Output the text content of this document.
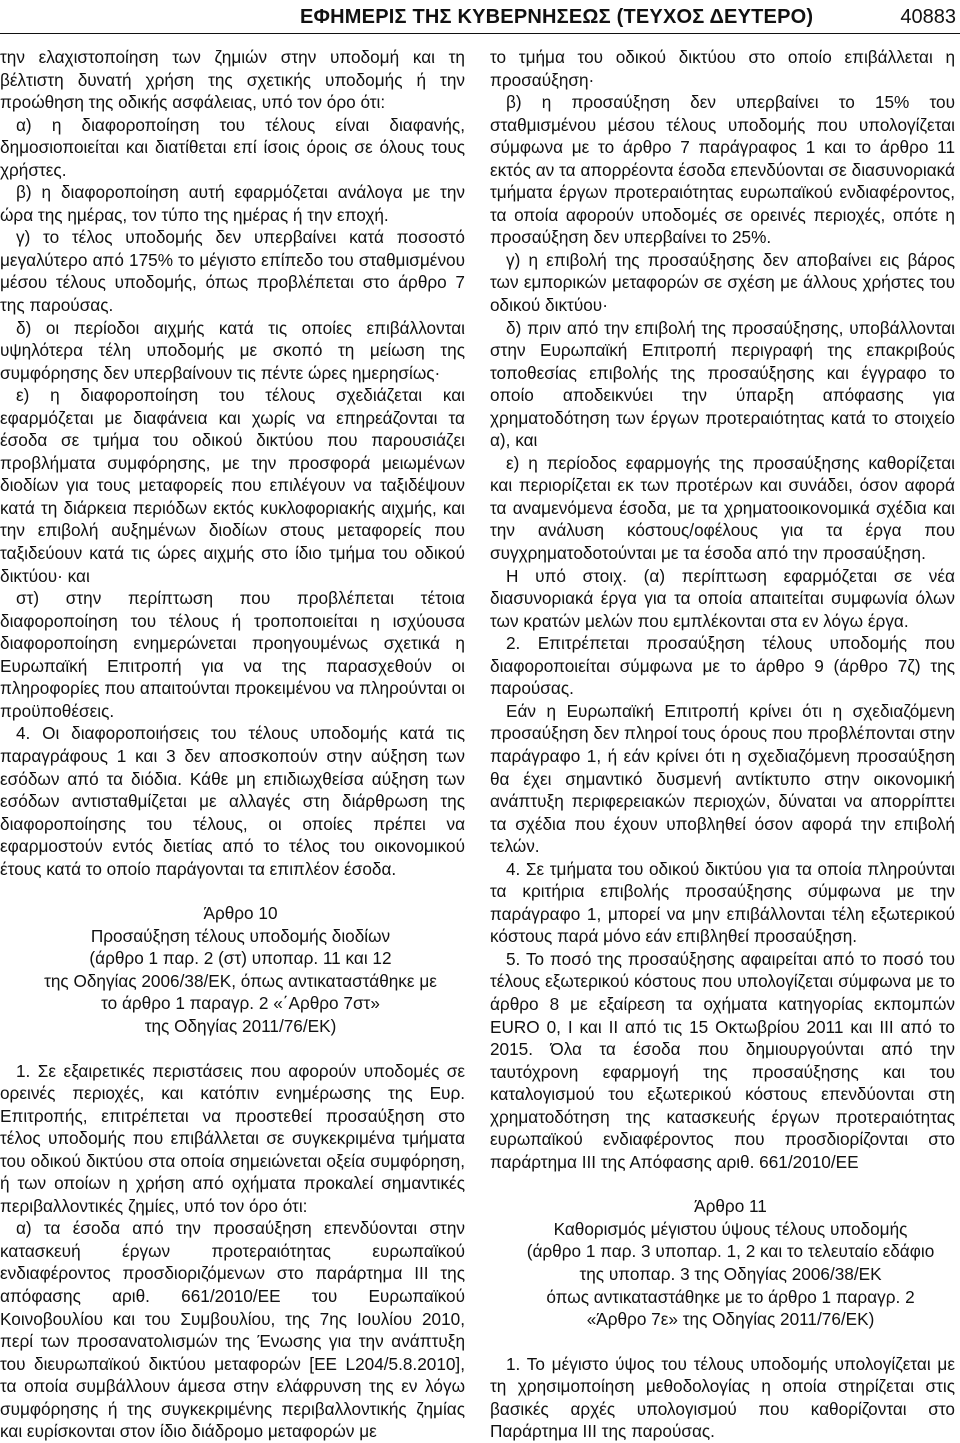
ΕΦΗΜΕΡΙΣ ΤΗΣ ΚΥΒΕΡΝΗΣΕΩΣ (ΤΕΥΧΟΣ ΔΕΥΤΕΡΟ)	40883

την ελαχιστοποίηση των ζημιών στην υποδομή και τη βέλτιστη δυνατή χρήση της σχετικής υποδομής ή την προώθηση της οδικής ασφάλειας, υπό τον όρο ότι:

α) η διαφοροποίηση του τέλους είναι διαφανής, δημοσιοποιείται και διατίθεται επί ίσοις όροις σε όλους τους χρήστες.

β) η διαφοροποίηση αυτή εφαρμόζεται ανάλογα με την ώρα της ημέρας, τον τύπο της ημέρας ή την εποχή.

γ) το τέλος υποδομής δεν υπερβαίνει κατά ποσοστό μεγαλύτερο από 175% το μέγιστο επίπεδο του σταθμισμένου μέσου τέλους υποδομής, όπως προβλέπεται στο άρθρο 7 της παρούσας.

δ) οι περίοδοι αιχμής κατά τις οποίες επιβάλλονται υψηλότερα τέλη υποδομής με σκοπό τη μείωση της συμφόρησης δεν υπερβαίνουν τις πέντε ώρες ημερησίως·

ε) η διαφοροποίηση του τέλους σχεδιάζεται και εφαρμόζεται με διαφάνεια και χωρίς να επηρεάζονται τα έσοδα σε τμήμα του οδικού δικτύου που παρουσιάζει προβλήματα συμφόρησης, με την προσφορά μειωμένων διοδίων για τους μεταφορείς που επιλέγουν να ταξιδέψουν κατά τη διάρκεια περιόδων εκτός κυκλοφοριακής αιχμής, και την επιβολή αυξημένων διοδίων στους μεταφορείς που ταξιδεύουν κατά τις ώρες αιχμής στο ίδιο τμήμα του οδικού δικτύου· και

στ) στην περίπτωση που προβλέπεται τέτοια διαφοροποίηση του τέλους ή τροποποιείται η ισχύουσα διαφοροποίηση ενημερώνεται προηγουμένως σχετικά η Ευρωπαϊκή Επιτροπή για να της παρασχεθούν οι πληροφορίες που απαιτούνται προκειμένου να πληρούνται οι προϋποθέσεις.

4. Οι διαφοροποιήσεις του τέλους υποδομής κατά τις παραγράφους 1 και 3 δεν αποσκοπούν στην αύξηση των εσόδων από τα διόδια. Κάθε μη επιδιωχθείσα αύξηση των εσόδων αντισταθμίζεται με αλλαγές στη διάρθρωση της διαφοροποίησης του τέλους, οι οποίες πρέπει να εφαρμοστούν εντός διετίας από το τέλος του οικονομικού έτους κατά το οποίο παράγονται τα επιπλέον έσοδα.

Άρθρο 10

Προσαύξηση τέλους υποδομής διοδίων

(άρθρο 1 παρ. 2 (στ) υποπαρ. 11 και 12

της Οδηγίας 2006/38/ΕΚ, όπως αντικαταστάθηκε με

το άρθρο 1 παραγρ. 2 «΄Αρθρο 7στ»

της Οδηγίας 2011/76/ΕΚ)

1. Σε εξαιρετικές περιστάσεις που αφορούν υποδομές σε ορεινές περιοχές, και κατόπιν ενημέρωσης της Ευρ. Επιτροπής, επιτρέπεται να προστεθεί προσαύξηση στο τέλος υποδομής που επιβάλλεται σε συγκεκριμένα τμήματα του οδικού δικτύου στα οποία σημειώνεται οξεία συμφόρηση, ή των οποίων η χρήση από οχήματα προκαλεί σημαντικές περιβαλλοντικές ζημίες, υπό τον όρο ότι:

α) τα έσοδα από την προσαύξηση επενδύονται στην κατασκευή έργων προτεραιότητας ευρωπαϊκού ενδιαφέροντος προσδιοριζόμενων στο παράρτημα III της απόφασης αριθ. 661/2010/ΕΕ του Ευρωπαϊκού Κοινοβουλίου και του Συμβουλίου, της 7ης Ιουλίου 2010, περί των προσανατολισμών της Ένωσης για την ανάπτυξη του διευρωπαϊκού δικτύου μεταφορών [ΕΕ L204/5.8.2010], τα οποία συμβάλλουν άμεσα στην ελάφρυνση της εν λόγω συμφόρησης ή της συγκεκριμένης περιβαλλοντικής ζημίας και ευρίσκονται στον ίδιο διάδρομο μεταφορών με

το τμήμα του οδικού δικτύου στο οποίο επιβάλλεται η προσαύξηση·

β) η προσαύξηση δεν υπερβαίνει το 15% του σταθμισμένου μέσου τέλους υποδομής που υπολογίζεται σύμφωνα με το άρθρο 7 παράγραφος 1 και το άρθρο 11 εκτός αν τα απορρέοντα έσοδα επενδύονται σε διασυνοριακά τμήματα έργων προτεραιότητας ευρωπαϊκού ενδιαφέροντος, τα οποία αφορούν υποδομές σε ορεινές περιοχές, οπότε η προσαύξηση δεν υπερβαίνει το 25%.

γ) η επιβολή της προσαύξησης δεν αποβαίνει εις βάρος των εμπορικών μεταφορών σε σχέση με άλλους χρήστες του οδικού δικτύου·

δ) πριν από την επιβολή της προσαύξησης, υποβάλλονται στην Ευρωπαϊκή Επιτροπή περιγραφή της επακριβούς τοποθεσίας επιβολής της προσαύξησης και έγγραφο το οποίο αποδεικνύει την ύπαρξη απόφασης για χρηματοδότηση των έργων προτεραιότητας κατά το στοιχείο α), και

ε) η περίοδος εφαρμογής της προσαύξησης καθορίζεται και περιορίζεται εκ των προτέρων και συνάδει, όσον αφορά τα αναμενόμενα έσοδα, με τα χρηματοοικονομικά σχέδια και την ανάλυση κόστους/οφέλους για τα έργα που συγχρηματοδοτούνται με τα έσοδα από την προσαύξηση.

Η υπό στοιχ. (α) περίπτωση εφαρμόζεται σε νέα διασυνοριακά έργα για τα οποία απαιτείται συμφωνία όλων των κρατών μελών που εμπλέκονται στα εν λόγω έργα.

2. Επιτρέπεται προσαύξηση τέλους υποδομής που διαφοροποιείται σύμφωνα με το άρθρο 9 (άρθρο 7ζ) της παρούσας.

Εάν η Ευρωπαϊκή Επιτροπή κρίνει ότι η σχεδιαζόμενη προσαύξηση δεν πληροί τους όρους που προβλέπονται στην παράγραφο 1, ή εάν κρίνει ότι η σχεδιαζόμενη προσαύξηση θα έχει σημαντικό δυσμενή αντίκτυπο στην οικονομική ανάπτυξη περιφερειακών περιοχών, δύναται να απορρίπτει τα σχέδια που έχουν υποβληθεί όσον αφορά την επιβολή τελών.

4. Σε τμήματα του οδικού δικτύου για τα οποία πληρούνται τα κριτήρια επιβολής προσαύξησης σύμφωνα με την παράγραφο 1, μπορεί να μην επιβάλλονται τέλη εξωτερικού κόστους παρά μόνο εάν επιβληθεί προσαύξηση.

5. Το ποσό της προσαύξησης αφαιρείται από το ποσό του τέλους εξωτερικού κόστους που υπολογίζεται σύμφωνα με το άρθρο 8 με εξαίρεση τα οχήματα κατηγορίας εκπομπών EURO 0, I και II από τις 15 Οκτωβρίου 2011 και III από το 2015. Όλα τα έσοδα που δημιουργούνται από την ταυτόχρονη εφαρμογή της προσαύξησης και του καταλογισμού του εξωτερικού κόστους επενδύονται στη χρηματοδότηση της κατασκευής έργων προτεραιότητας ευρωπαϊκού ενδιαφέροντος που προσδιορίζονται στο παράρτημα III της Απόφασης αριθ. 661/2010/ΕΕ

Άρθρο 11

Καθορισμός μέγιστου ύψους τέλους υποδομής

(άρθρο 1 παρ. 3 υποπαρ. 1, 2 και το τελευταίο εδάφιο

της υποπαρ. 3 της Οδηγίας 2006/38/ΕΚ

όπως αντικαταστάθηκε με το άρθρο 1 παραγρ. 2

«Άρθρο 7ε» της Οδηγίας 2011/76/ΕΚ)

1. Το μέγιστο ύψος του τέλους υποδομής υπολογίζεται με τη χρησιμοποίηση μεθοδολογίας η οποία στηρίζεται στις βασικές αρχές υπολογισμού που καθορίζονται στο Παράρτημα III της παρούσας.
